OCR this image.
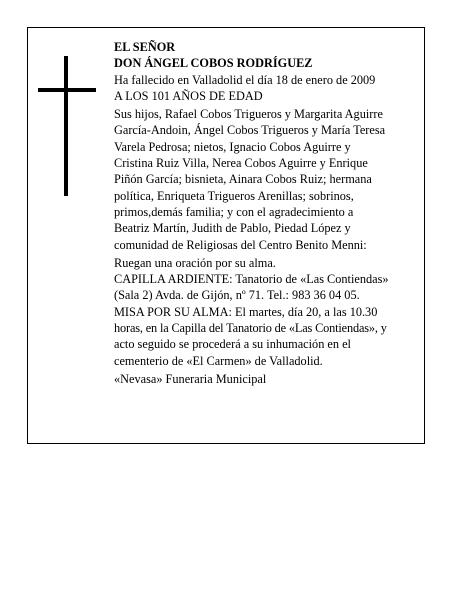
EL SEÑOR

DON ÁNGEL COBOS RODRÍGUEZ

Ha fallecido en Valladolid el día 18 de enero de 2009

A LOS 101 AÑOS DE EDAD

Sus hijos, Rafael Cobos Trigueros y Margarita Aguirre

García-Andoin, Ángel Cobos Trigueros y María Teresa

Varela Pedrosa; nietos, Ignacio Cobos Aguirre y

Cristina Ruiz Villa, Nerea Cobos Aguirre y Enrique

Piñón García; bisnieta, Ainara Cobos Ruiz; hermana

política, Enriqueta Trigueros Arenillas; sobrinos,

primos,demás familia; y con el agradecimiento a

Beatriz Martín, Judith de Pablo, Piedad López y

comunidad de Religiosas del Centro Benito Menni:

Ruegan una oración por su alma.

CAPILLA ARDIENTE: Tanatorio de «Las Contiendas»

(Sala 2) Avda. de Gijón, nº 71. Tel.: 983 36 04 05.

MISA POR SU ALMA: El martes, día 20, a las 10.30

horas, en la Capilla del Tanatorio de «Las Contiendas», y

acto seguido se procederá a su inhumación en el

cementerio de «El Carmen» de Valladolid.

«Nevasa» Funeraria Municipal
